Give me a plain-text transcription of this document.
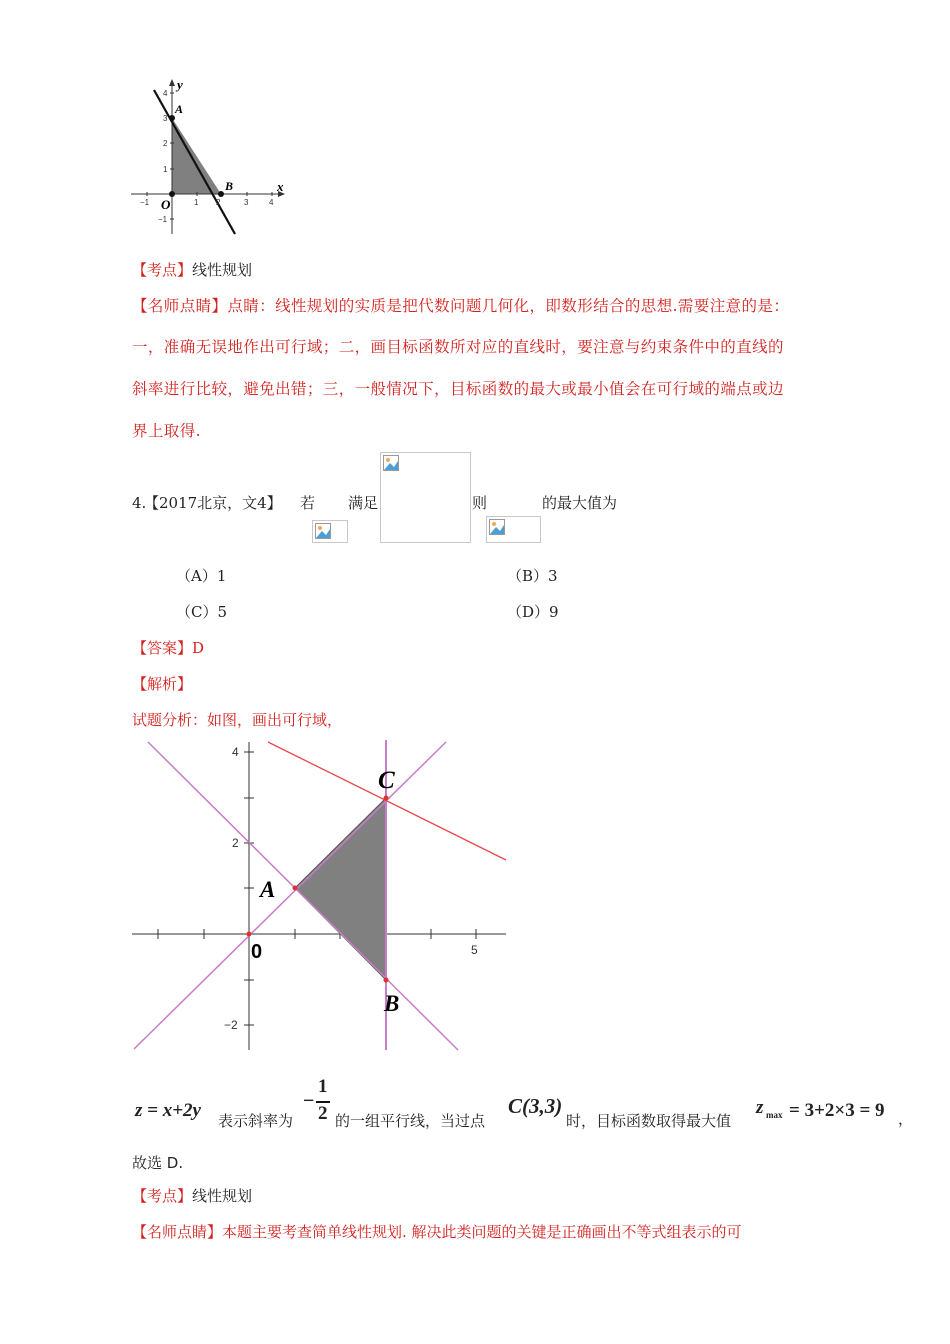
y
x
A
B
O
4
3
2
1
−1
−1	1 2	3	4
【考点】线性规划
【名师点睛】点睛：线性规划的实质是把代数问题几何化，即数形结合的思想.需要注意的是：
一，准确无误地作出可行域；二，画目标函数所对应的直线时，要注意与约束条件中的直线的
斜率进行比较，避免出错；三，一般情况下，目标函数的最大或最小值会在可行域的端点或边
界上取得.
4.
【2017北京，文4】 若 满足	则	的最大值为
（A）1	（B）3
（C）5	（D）9
【答案】D
【解析】
试题分析：如图，画出可行域，
C
A
B
0
4
2
5
−2
z = x+2y 表示斜率为
−
1
2 的一组平行线，当过点
C(3,3)
时，目标函数取得最大值
z max = 3+2×3 = 9 ，
故选 D.
【考点】线性规划
【名师点睛】本题主要考查简单线性规划. 解决此类问题的关键是正确画出不等式组表示的可
